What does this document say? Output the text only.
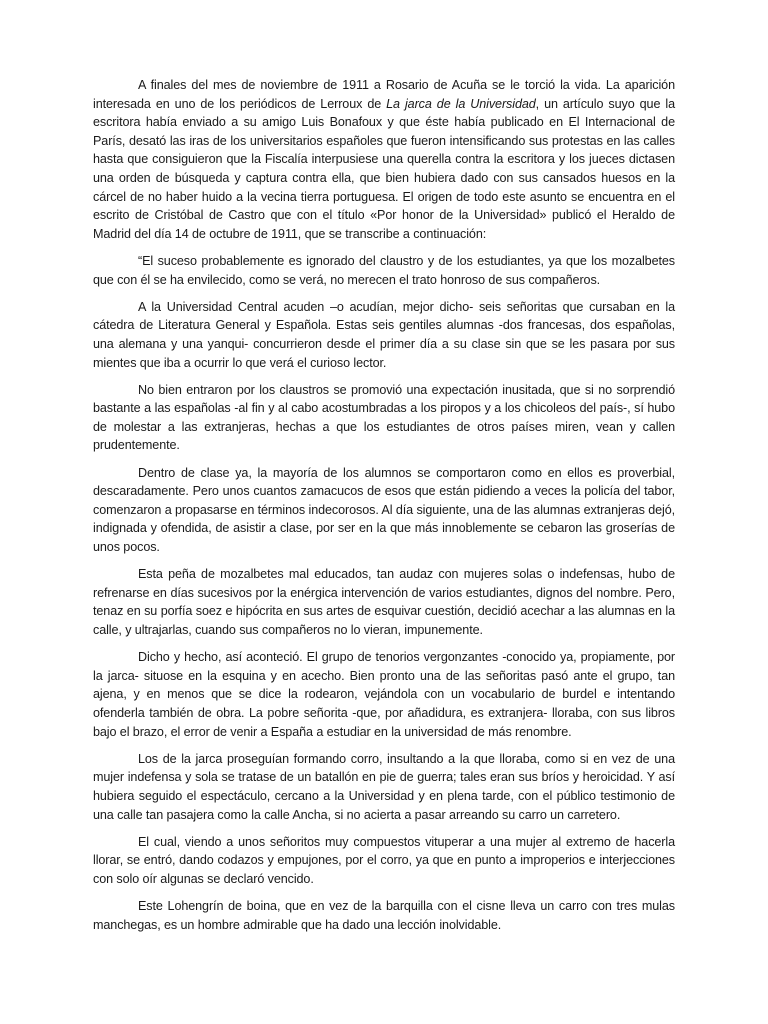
A finales del mes de noviembre de 1911 a Rosario de Acuña se le torció la vida. La aparición interesada en uno de los periódicos de Lerroux de La jarca de la Universidad, un artículo suyo que la escritora había enviado a su amigo Luis Bonafoux y que éste había publicado en El Internacional de París, desató las iras de los universitarios españoles que fueron intensificando sus protestas en las calles hasta que consiguieron que la Fiscalía interpusiese una querella contra la escritora y los jueces dictasen una orden de búsqueda y captura contra ella, que bien hubiera dado con sus cansados huesos en la cárcel de no haber huido a la vecina tierra portuguesa. El origen de todo este asunto se encuentra en el escrito de Cristóbal de Castro que con el título «Por honor de la Universidad» publicó el Heraldo de Madrid del día 14 de octubre de 1911, que se transcribe a continuación:

“El suceso probablemente es ignorado del claustro y de los estudiantes, ya que los mozalbetes que con él se ha envilecido, como se verá, no merecen el trato honroso de sus compañeros.

A la Universidad Central acuden –o acudían, mejor dicho- seis señoritas que cursaban en la cátedra de Literatura General y Española. Estas seis gentiles alumnas -dos francesas, dos españolas, una alemana y una yanqui- concurrieron desde el primer día a su clase sin que se les pasara por sus mientes que iba a ocurrir lo que verá el curioso lector.

No bien entraron por los claustros se promovió una expectación inusitada, que si no sorprendió bastante a las españolas -al fin y al cabo acostumbradas a los piropos y a los chicoleos del país-, sí hubo de molestar a las extranjeras, hechas a que los estudiantes de otros países miren, vean y callen prudentemente.

Dentro de clase ya, la mayoría de los alumnos se comportaron como en ellos es proverbial, descaradamente. Pero unos cuantos zamacucos de esos que están pidiendo a veces la policía del tabor, comenzaron a propasarse en términos indecorosos. Al día siguiente, una de las alumnas extranjeras dejó, indignada y ofendida, de asistir a clase, por ser en la que más innoblemente se cebaron las groserías de unos pocos.

Esta peña de mozalbetes mal educados, tan audaz con mujeres solas o indefensas, hubo de refrenarse en días sucesivos por la enérgica intervención de varios estudiantes, dignos del nombre. Pero, tenaz en su porfía soez e hipócrita en sus artes de esquivar cuestión, decidió acechar a las alumnas en la calle, y ultrajarlas, cuando sus compañeros no lo vieran, impunemente.

Dicho y hecho, así aconteció. El grupo de tenorios vergonzantes -conocido ya, propiamente, por la jarca- situose en la esquina y en acecho. Bien pronto una de las señoritas pasó ante el grupo, tan ajena, y en menos que se dice la rodearon, vejándola con un vocabulario de burdel e intentando ofenderla también de obra. La pobre señorita -que, por añadidura, es extranjera- lloraba, con sus libros bajo el brazo, el error de venir a España a estudiar en la universidad de más renombre.

Los de la jarca proseguían formando corro, insultando a la que lloraba, como si en vez de una mujer indefensa y sola se tratase de un batallón en pie de guerra; tales eran sus bríos y heroicidad. Y así hubiera seguido el espectáculo, cercano a la Universidad y en plena tarde, con el público testimonio de una calle tan pasajera como la calle Ancha, si no acierta a pasar arreando su carro un carretero.

El cual, viendo a unos señoritos muy compuestos vituperar a una mujer al extremo de hacerla llorar, se entró, dando codazos y empujones, por el corro, ya que en punto a improperios e interjecciones con solo oír algunas se declaró vencido.

Este Lohengrín de boina, que en vez de la barquilla con el cisne lleva un carro con tres mulas manchegas, es un hombre admirable que ha dado una lección inolvidable.
